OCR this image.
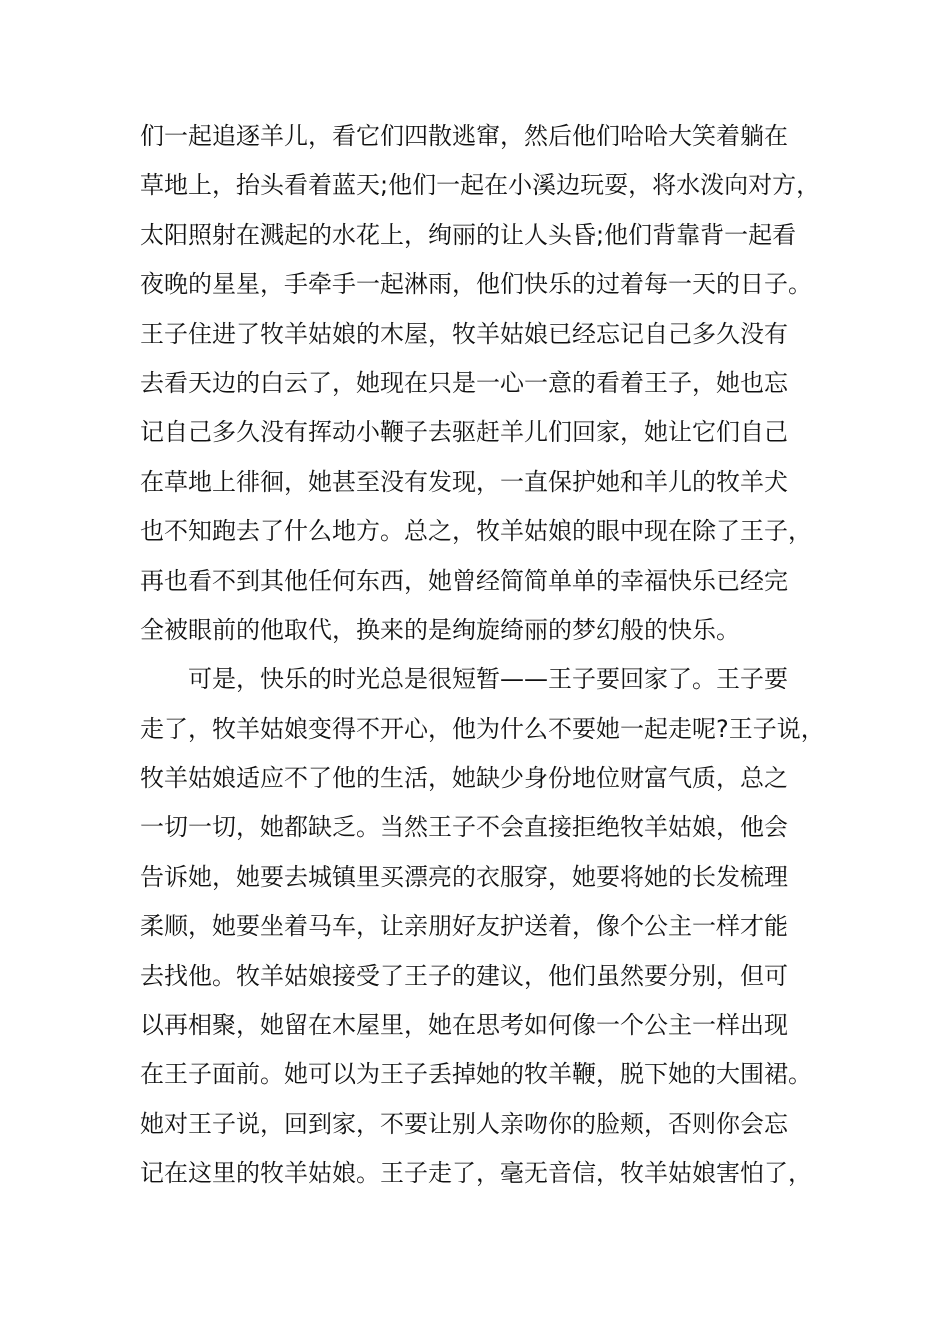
们一起追逐羊儿，看它们四散逃窜，然后他们哈哈大笑着躺在
草地上，抬头看着蓝天;他们一起在小溪边玩耍，将水泼向对方，
太阳照射在溅起的水花上，绚丽的让人头昏;他们背靠背一起看
夜晚的星星，手牵手一起淋雨，他们快乐的过着每一天的日子。
王子住进了牧羊姑娘的木屋，牧羊姑娘已经忘记自己多久没有
去看天边的白云了，她现在只是一心一意的看着王子，她也忘
记自己多久没有挥动小鞭子去驱赶羊儿们回家，她让它们自己
在草地上徘徊，她甚至没有发现，一直保护她和羊儿的牧羊犬
也不知跑去了什么地方。总之，牧羊姑娘的眼中现在除了王子，
再也看不到其他任何东西，她曾经简简单单的幸福快乐已经完
全被眼前的他取代，换来的是绚旋绮丽的梦幻般的快乐。
　　可是，快乐的时光总是很短暂——王子要回家了。王子要
走了，牧羊姑娘变得不开心，他为什么不要她一起走呢?王子说，
牧羊姑娘适应不了他的生活，她缺少身份地位财富气质，总之
一切一切，她都缺乏。当然王子不会直接拒绝牧羊姑娘，他会
告诉她，她要去城镇里买漂亮的衣服穿，她要将她的长发梳理
柔顺，她要坐着马车，让亲朋好友护送着，像个公主一样才能
去找他。牧羊姑娘接受了王子的建议，他们虽然要分别，但可
以再相聚，她留在木屋里，她在思考如何像一个公主一样出现
在王子面前。她可以为王子丢掉她的牧羊鞭，脱下她的大围裙。
她对王子说，回到家，不要让别人亲吻你的脸颊，否则你会忘
记在这里的牧羊姑娘。王子走了，毫无音信，牧羊姑娘害怕了，
